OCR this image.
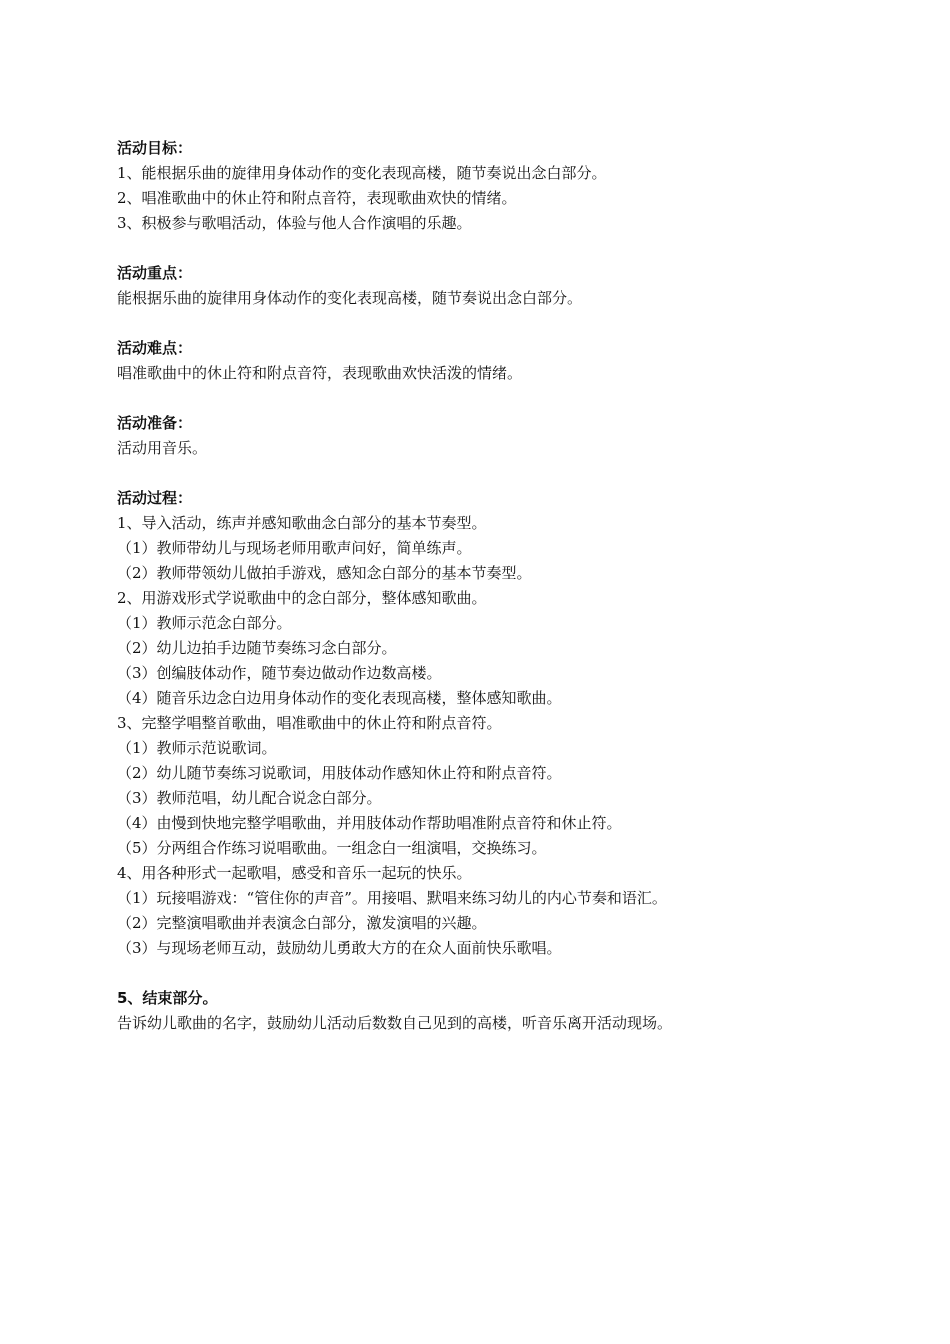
活动目标：

1、能根据乐曲的旋律用身体动作的变化表现高楼，随节奏说出念白部分。

2、唱准歌曲中的休止符和附点音符，表现歌曲欢快的情绪。

3、积极参与歌唱活动，体验与他人合作演唱的乐趣。

活动重点：

能根据乐曲的旋律用身体动作的变化表现高楼，随节奏说出念白部分。

活动难点：

唱准歌曲中的休止符和附点音符，表现歌曲欢快活泼的情绪。

活动准备：

活动用音乐。

活动过程：

1、导入活动，练声并感知歌曲念白部分的基本节奏型。

（1）教师带幼儿与现场老师用歌声问好，简单练声。

（2）教师带领幼儿做拍手游戏，感知念白部分的基本节奏型。

2、用游戏形式学说歌曲中的念白部分，整体感知歌曲。

（1）教师示范念白部分。

（2）幼儿边拍手边随节奏练习念白部分。

（3）创编肢体动作，随节奏边做动作边数高楼。

（4）随音乐边念白边用身体动作的变化表现高楼，整体感知歌曲。

3、完整学唱整首歌曲，唱准歌曲中的休止符和附点音符。

（1）教师示范说歌词。

（2）幼儿随节奏练习说歌词，用肢体动作感知休止符和附点音符。

（3）教师范唱，幼儿配合说念白部分。

（4）由慢到快地完整学唱歌曲，并用肢体动作帮助唱准附点音符和休止符。

（5）分两组合作练习说唱歌曲。一组念白一组演唱，交换练习。

4、用各种形式一起歌唱，感受和音乐一起玩的快乐。

（1）玩接唱游戏：“管住你的声音”。用接唱、默唱来练习幼儿的内心节奏和语汇。

（2）完整演唱歌曲并表演念白部分，激发演唱的兴趣。

（3）与现场老师互动，鼓励幼儿勇敢大方的在众人面前快乐歌唱。

5、结束部分。

告诉幼儿歌曲的名字，鼓励幼儿活动后数数自己见到的高楼，听音乐离开活动现场。
